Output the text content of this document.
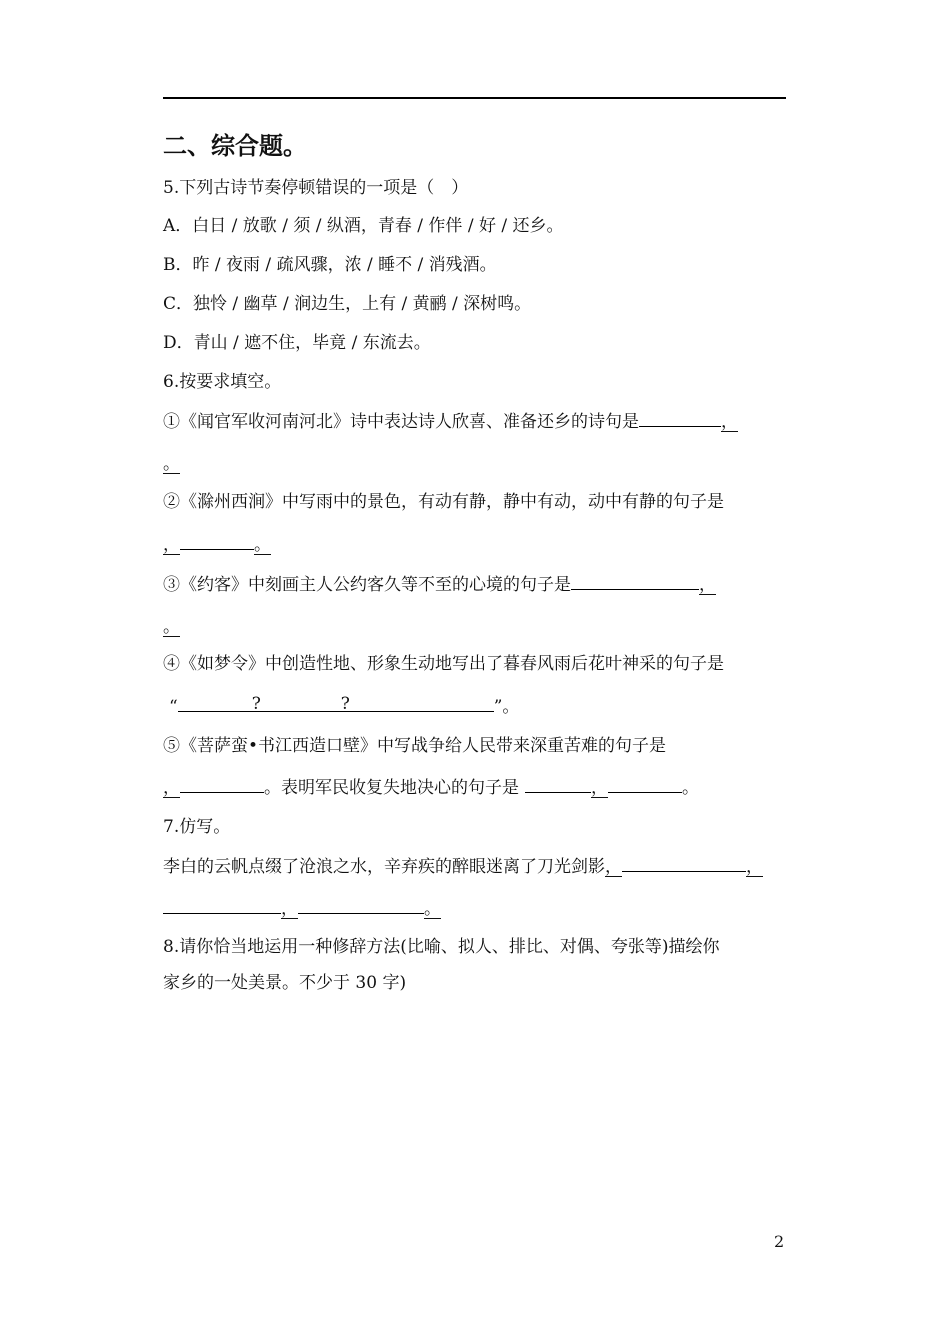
二、综合题。
5.下列古诗节奏停顿错误的一项是（　）
A．白日 / 放歌 / 须 / 纵酒，青春 / 作伴 / 好 / 还乡。
B．昨 / 夜雨 / 疏风骤，浓 / 睡不 / 消残酒。
C．独怜 / 幽草 / 涧边生，上有 / 黄鹂 / 深树鸣。
D．青山 / 遮不住，毕竟 / 东流去。
6.按要求填空。
①《闻官军收河南河北》诗中表达诗人欣喜、准备还乡的诗句是	，
。
②《滁州西涧》中写雨中的景色，有动有静，静中有动，动中有静的句子是
，	。
③《约客》中刻画主人公约客久等不至的心境的句子是	，
。
④《如梦令》中创造性地、形象生动地写出了暮春风雨后花叶神采的句子是
“	?	?	”。
⑤《菩萨蛮•书江西造口壁》中写战争给人民带来深重苦难的句子是
，	。表明军民收复失地决心的句子是	，	。
7.仿写。
李白的云帆点缀了沧浪之水，辛弃疾的醉眼迷离了刀光剑影，	，
，	。
8.请你恰当地运用一种修辞方法(比喻、拟人、排比、对偶、夸张等)描绘你
家乡的一处美景。不少于 30 字)
2
